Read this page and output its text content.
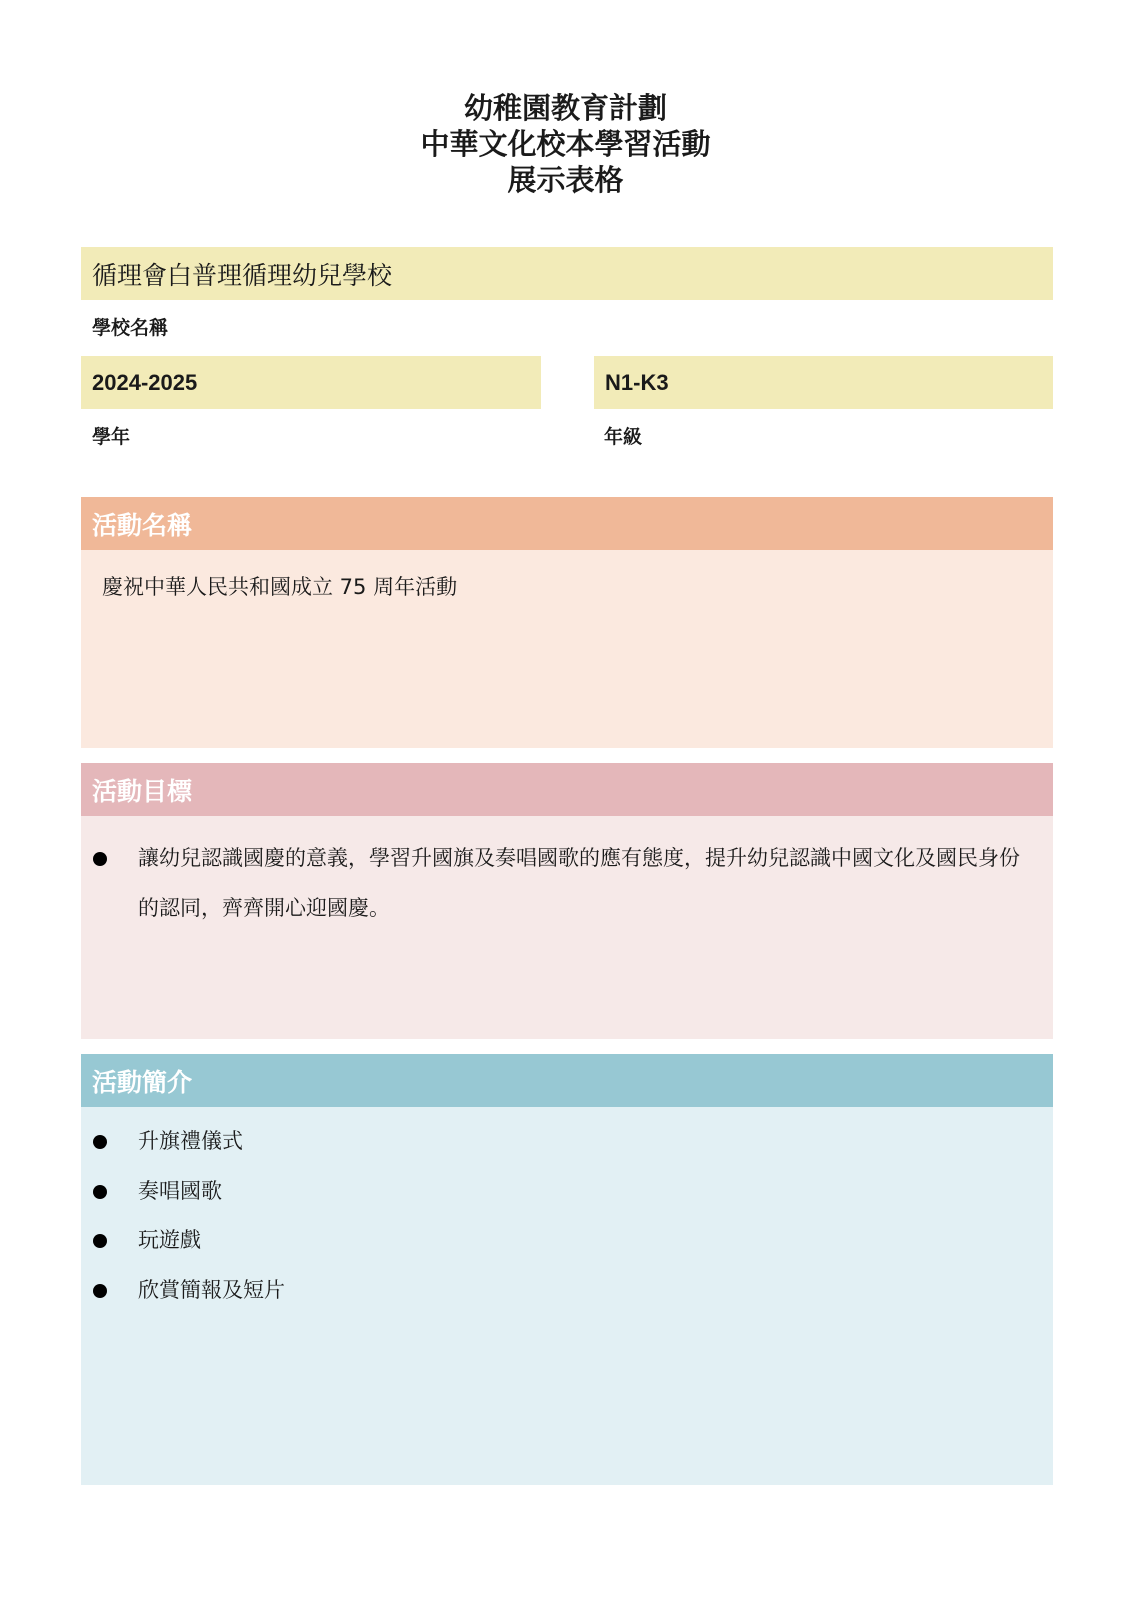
幼稚園教育計劃
中華文化校本學習活動
展示表格
循理會白普理循理幼兒學校
學校名稱
2024-2025
學年
N1-K3
年級
活動名稱
慶祝中華人民共和國成立 75 周年活動
活動目標
讓幼兒認識國慶的意義，學習升國旗及奏唱國歌的應有態度，提升幼兒認識中國文化及國民身份的認同，齊齊開心迎國慶。
活動簡介
升旗禮儀式
奏唱國歌
玩遊戲
欣賞簡報及短片
